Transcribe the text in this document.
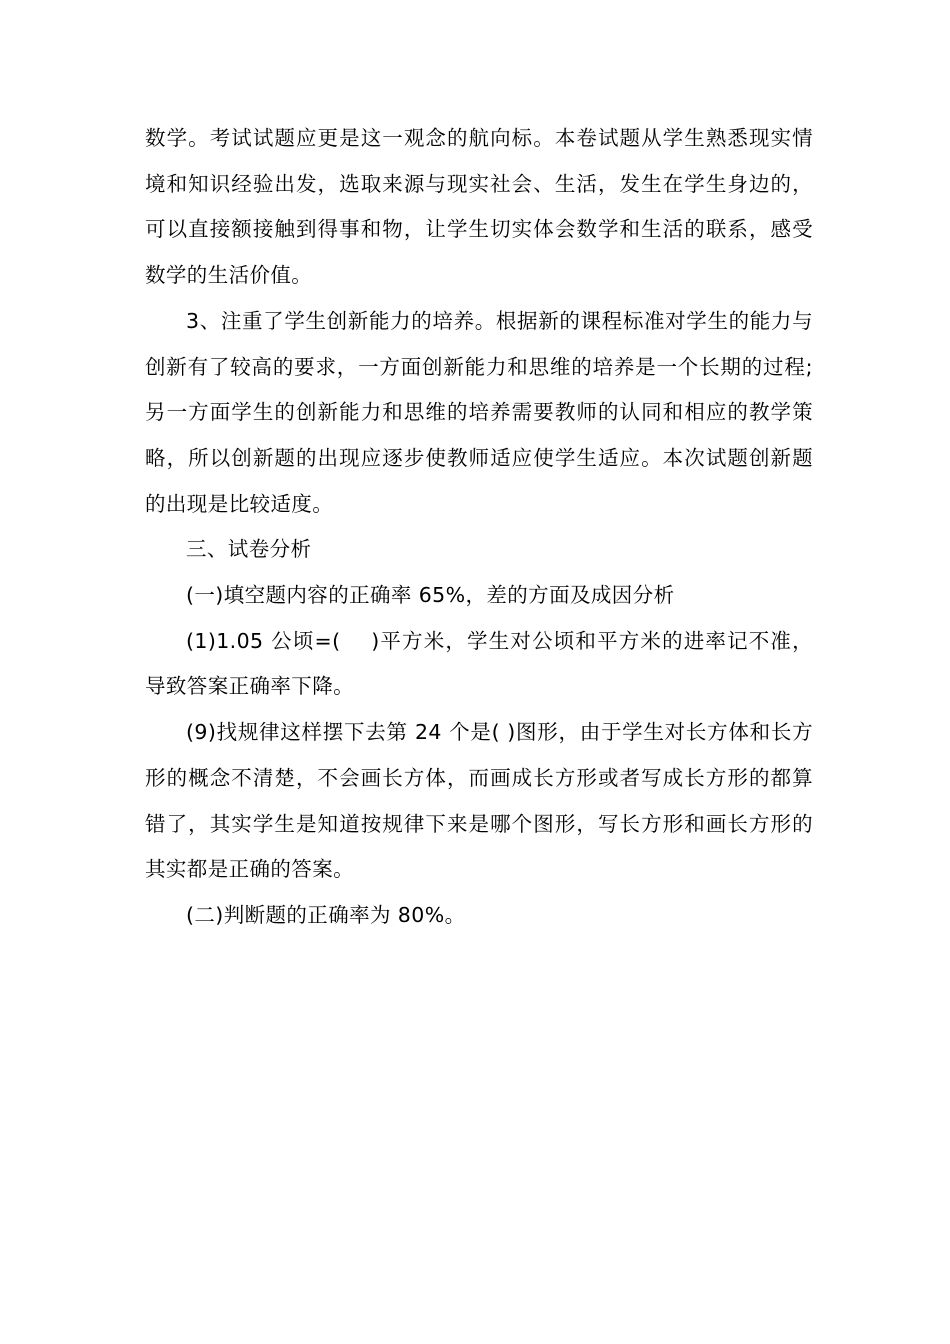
数学。考试试题应更是这一观念的航向标。本卷试题从学生熟悉现实情境和知识经验出发，选取来源与现实社会、生活，发生在学生身边的，可以直接额接触到得事和物，让学生切实体会数学和生活的联系，感受数学的生活价值。

3、注重了学生创新能力的培养。根据新的课程标准对学生的能力与创新有了较高的要求，一方面创新能力和思维的培养是一个长期的过程;另一方面学生的创新能力和思维的培养需要教师的认同和相应的教学策略，所以创新题的出现应逐步使教师适应使学生适应。本次试题创新题的出现是比较适度。

三、试卷分析

(一)填空题内容的正确率 65%，差的方面及成因分析

(1)1.05 公顷=(    )平方米，学生对公顷和平方米的进率记不准，导致答案正确率下降。

(9)找规律这样摆下去第 24 个是( )图形，由于学生对长方体和长方形的概念不清楚，不会画长方体，而画成长方形或者写成长方形的都算错了，其实学生是知道按规律下来是哪个图形，写长方形和画长方形的其实都是正确的答案。

(二)判断题的正确率为 80%。
